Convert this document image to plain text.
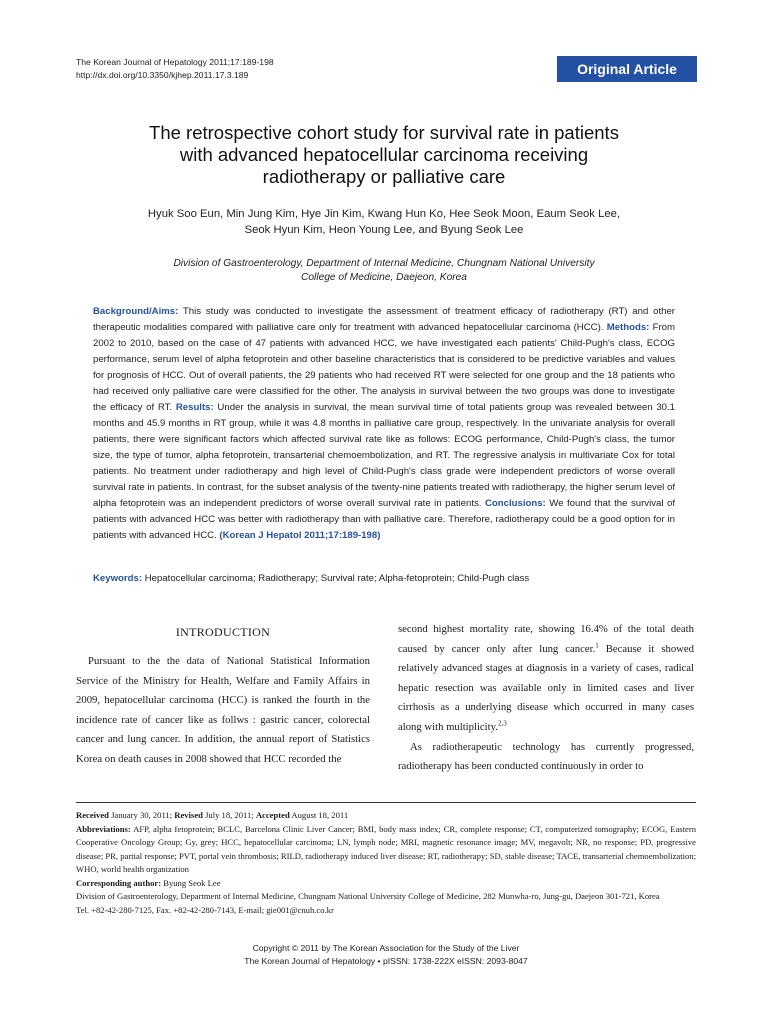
The Korean Journal of Hepatology 2011;17:189-198
http://dx.doi.org/10.3350/kjhep.2011.17.3.189	Original Article
The retrospective cohort study for survival rate in patients
with advanced hepatocellular carcinoma receiving
radiotherapy or palliative care
Hyuk Soo Eun, Min Jung Kim, Hye Jin Kim, Kwang Hun Ko, Hee Seok Moon, Eaum Seok Lee,
Seok Hyun Kim, Heon Young Lee, and Byung Seok Lee
Division of Gastroenterology, Department of Internal Medicine, Chungnam National University
College of Medicine, Daejeon, Korea
Background/Aims: This study was conducted to investigate the assessment of treatment efficacy of radiotherapy (RT) and other therapeutic modalities compared with palliative care only for treatment with advanced hepatocellular carcinoma (HCC). Methods: From 2002 to 2010, based on the case of 47 patients with advanced HCC, we have investigated each patients' Child-Pugh's class, ECOG performance, serum level of alpha fetoprotein and other baseline characteristics that is considered to be predictive variables and values for prognosis of HCC. Out of overall patients, the 29 patients who had received RT were selected for one group and the 18 patients who had received only palliative care were classified for the other. The analysis in survival between the two groups was done to investigate the efficacy of RT. Results: Under the analysis in survival, the mean survival time of total patients group was revealed between 30.1 months and 45.9 months in RT group, while it was 4.8 months in palliative care group, respectively. In the univariate analysis for overall patients, there were significant factors which affected survival rate like as follows: ECOG performance, Child-Pugh's class, the tumor size, the type of tumor, alpha fetoprotein, transarterial chemoembolization, and RT. The regressive analysis in multivariate Cox for total patients. No treatment under radiotherapy and high level of Child-Pugh's class grade were independent predictors of worse overall survival rate in patients. In contrast, for the subset analysis of the twenty-nine patients treated with radiotherapy, the higher serum level of alpha fetoprotein was an independent predictors of worse overall survival rate in patients. Conclusions: We found that the survival of patients with advanced HCC was better with radiotherapy than with palliative care. Therefore, radiotherapy could be a good option for in patients with advanced HCC. (Korean J Hepatol 2011;17:189-198)
Keywords: Hepatocellular carcinoma; Radiotherapy; Survival rate; Alpha-fetoprotein; Child-Pugh class
INTRODUCTION

Pursuant to the the data of National Statistical Information Service of the Ministry for Health, Welfare and Family Affairs in 2009, hepatocellular carcinoma (HCC) is ranked the fourth in the incidence rate of cancer like as follws : gastric cancer, colorectal cancer and lung cancer. In addition, the annual report of Statistics Korea on death causes in 2008 showed that HCC recorded the

second highest mortality rate, showing 16.4% of the total death caused by cancer only after lung cancer.$^1$ Because it showed relatively advanced stages at diagnosis in a variety of cases, radical hepatic resection was available only in limited cases and liver cirrhosis as a underlying disease which occurred in many cases along with multiplicity.$^{2,3}$

As radiotherapeutic technology has currently progressed, radiotherapy has been conducted continuously in order to

Received January 30, 2011; Revised July 18, 2011; Accepted August 18, 2011
Abbreviations: AFP, alpha fetoprotein; BCLC, Barcelona Clinic Liver Cancer; BMI, body mass index; CR, complete response; CT, computerized tomography; ECOG, Eastern Cooperative Oncology Group; Gy, grey; HCC, hepatocellular carcinoma; LN, lymph node; MRI, magnetic resonance image; MV, megavolt; NR, no response; PD, progressive disease; PR, partial response; PVT, portal vein thrombosis; RILD, radiotherapy induced liver disease; RT, radiotherapy; SD, stable disease; TACE, transarterial chemoembolization; WHO, world health organization
Corresponding author: Byung Seok Lee
Division of Gastroenterology, Department of Internal Medicine, Chungnam National University College of Medicine, 282 Munwha-ro, Jung-gu, Daejeon 301-721, Korea
Tel. +82-42-280-7125, Fax. +82-42-280-7143, E-mail; gie001@cnuh.co.kr
Copyright © 2011 by The Korean Association for the Study of the Liver
The Korean Journal of Hepatology • pISSN: 1738-222X eISSN: 2093-8047
